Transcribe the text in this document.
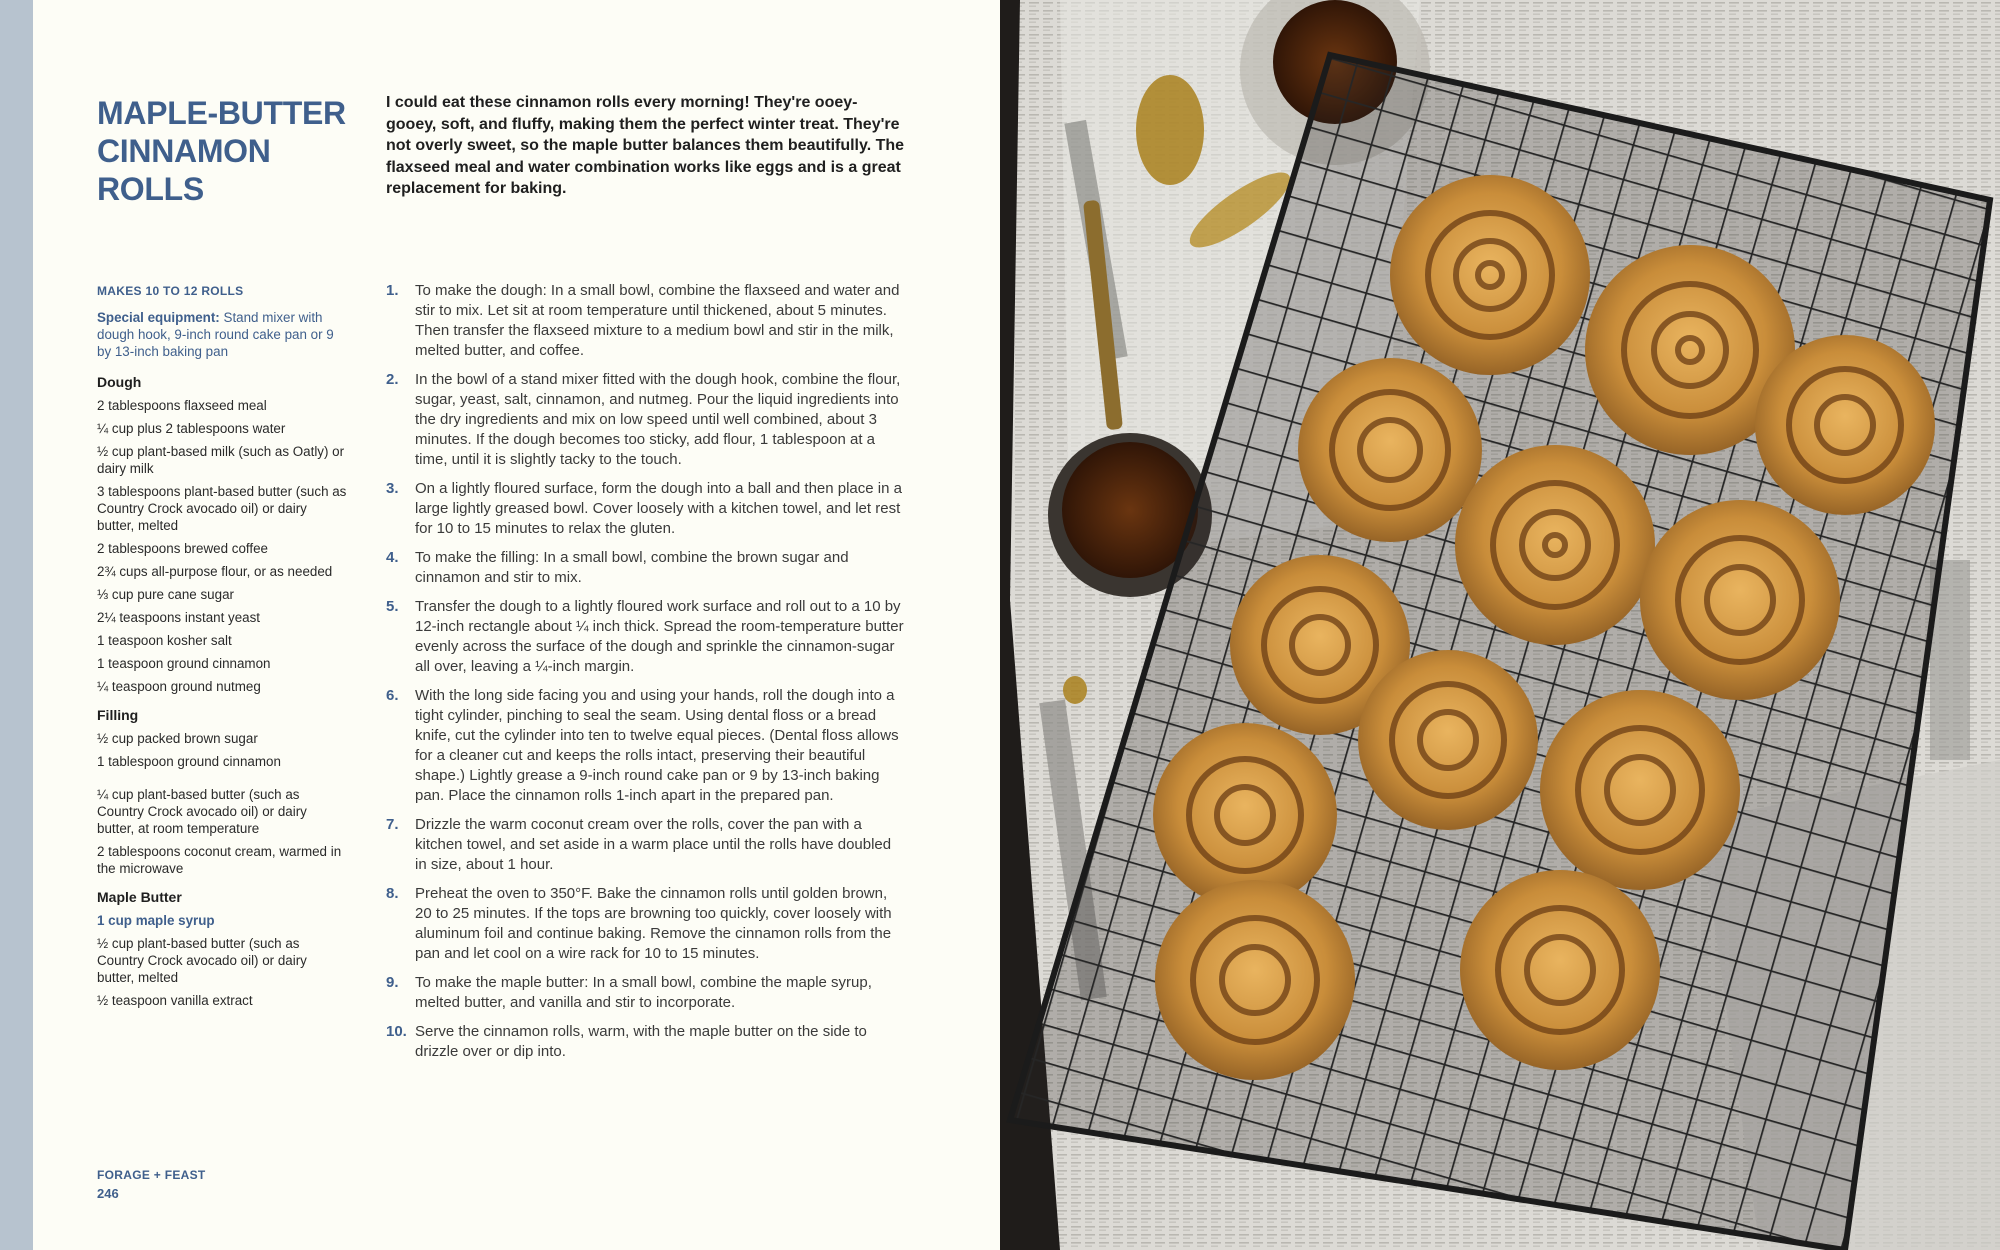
MAPLE-BUTTER CINNAMON ROLLS

I could eat these cinnamon rolls every morning! They're ooey-gooey, soft, and fluffy, making them the perfect winter treat. They're not overly sweet, so the maple butter balances them beautifully. The flaxseed meal and water combination works like eggs and is a great replacement for baking.

MAKES 10 TO 12 ROLLS

Special equipment: Stand mixer with dough hook, 9-inch round cake pan or 9 by 13-inch baking pan

Dough

2 tablespoons flaxseed meal
¼ cup plus 2 tablespoons water
½ cup plant-based milk (such as Oatly) or dairy milk
3 tablespoons plant-based butter (such as Country Crock avocado oil) or dairy butter, melted
2 tablespoons brewed coffee
2¾ cups all-purpose flour, or as needed
⅓ cup pure cane sugar
2¼ teaspoons instant yeast
1 teaspoon kosher salt
1 teaspoon ground cinnamon
¼ teaspoon ground nutmeg

Filling

½ cup packed brown sugar
1 tablespoon ground cinnamon
¼ cup plant-based butter (such as Country Crock avocado oil) or dairy butter, at room temperature
2 tablespoons coconut cream, warmed in the microwave

Maple Butter

1 cup maple syrup
½ cup plant-based butter (such as Country Crock avocado oil) or dairy butter, melted
½ teaspoon vanilla extract
1. To make the dough: In a small bowl, combine the flaxseed and water and stir to mix. Let sit at room temperature until thickened, about 5 minutes. Then transfer the flaxseed mixture to a medium bowl and stir in the milk, melted butter, and coffee.
2. In the bowl of a stand mixer fitted with the dough hook, combine the flour, sugar, yeast, salt, cinnamon, and nutmeg. Pour the liquid ingredients into the dry ingredients and mix on low speed until well combined, about 3 minutes. If the dough becomes too sticky, add flour, 1 tablespoon at a time, until it is slightly tacky to the touch.
3. On a lightly floured surface, form the dough into a ball and then place in a large lightly greased bowl. Cover loosely with a kitchen towel, and let rest for 10 to 15 minutes to relax the gluten.
4. To make the filling: In a small bowl, combine the brown sugar and cinnamon and stir to mix.
5. Transfer the dough to a lightly floured work surface and roll out to a 10 by 12-inch rectangle about ¼ inch thick. Spread the room-temperature butter evenly across the surface of the dough and sprinkle the cinnamon-sugar all over, leaving a ¼-inch margin.
6. With the long side facing you and using your hands, roll the dough into a tight cylinder, pinching to seal the seam. Using dental floss or a bread knife, cut the cylinder into ten to twelve equal pieces. (Dental floss allows for a cleaner cut and keeps the rolls intact, preserving their beautiful shape.) Lightly grease a 9-inch round cake pan or 9 by 13-inch baking pan. Place the cinnamon rolls 1-inch apart in the prepared pan.
7. Drizzle the warm coconut cream over the rolls, cover the pan with a kitchen towel, and set aside in a warm place until the rolls have doubled in size, about 1 hour.
8. Preheat the oven to 350°F. Bake the cinnamon rolls until golden brown, 20 to 25 minutes. If the tops are browning too quickly, cover loosely with aluminum foil and continue baking. Remove the cinnamon rolls from the pan and let cool on a wire rack for 10 to 15 minutes.
9. To make the maple butter: In a small bowl, combine the maple syrup, melted butter, and vanilla and stir to incorporate.
10. Serve the cinnamon rolls, warm, with the maple butter on the side to drizzle over or dip into.
FORAGE + FEAST
246
